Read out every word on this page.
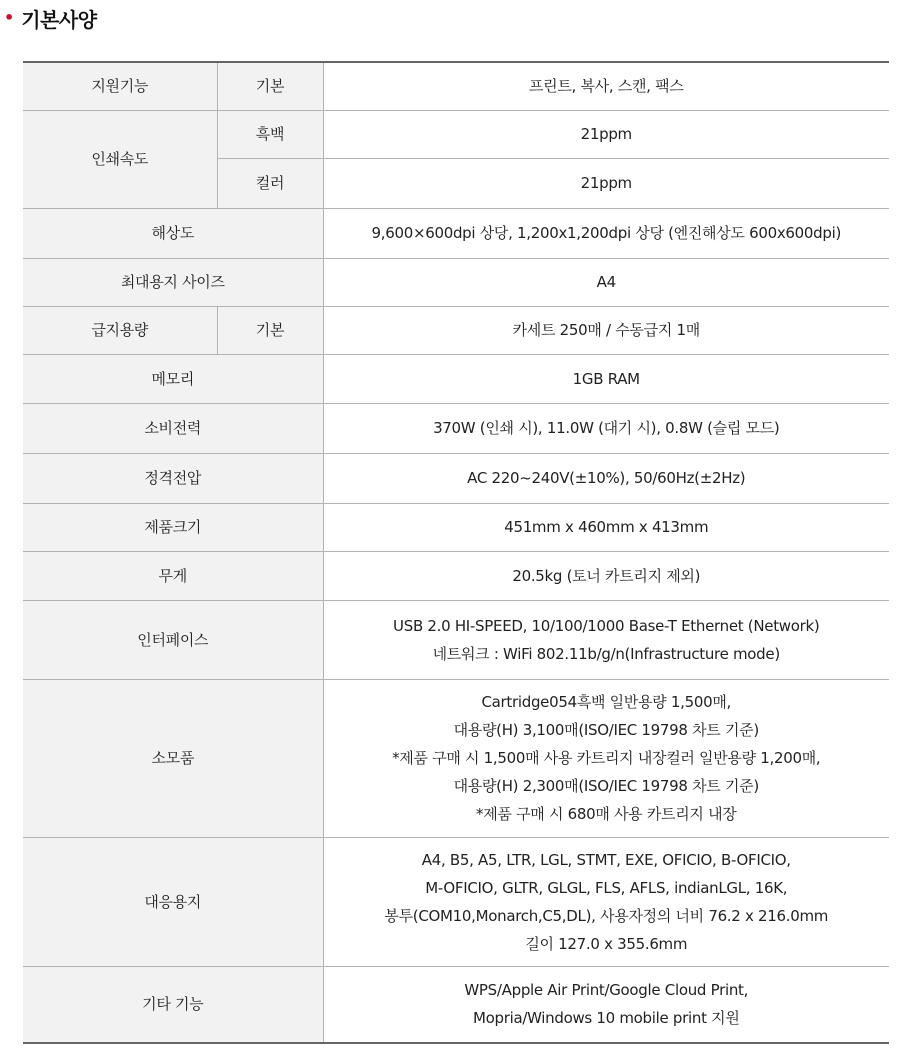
• 기본사양
지원기능	기본	프린트, 복사, 스캔, 팩스
인쇄속도	흑백	21ppm
	컬러	21ppm
해상도		9,600×600dpi 상당, 1,200x1,200dpi 상당 (엔진해상도 600x600dpi)
최대용지 사이즈		A4
급지용량	기본	카세트 250매 / 수동급지 1매
메모리		1GB RAM
소비전력		370W (인쇄 시), 11.0W (대기 시), 0.8W (슬립 모드)
정격전압		AC 220~240V(±10%), 50/60Hz(±2Hz)
제품크기		451mm x 460mm x 413mm
무게		20.5kg (토너 카트리지 제외)
인터페이스		USB 2.0 HI-SPEED, 10/100/1000 Base-T Ethernet (Network)
네트워크 : WiFi 802.11b/g/n(Infrastructure mode)

소모품		Cartridge054흑백 일반용량 1,500매,
대용량(H) 3,100매(ISO/IEC 19798 차트 기준)
*제품 구매 시 1,500매 사용 카트리지 내장컬러 일반용량 1,200매,
대용량(H) 2,300매(ISO/IEC 19798 차트 기준)
*제품 구매 시 680매 사용 카트리지 내장

대응용지		A4, B5, A5, LTR, LGL, STMT, EXE, OFICIO, B-OFICIO,
M-OFICIO, GLTR, GLGL, FLS, AFLS, indianLGL, 16K,
봉투(COM10,Monarch,C5,DL), 사용자정의 너비 76.2 x 216.0mm
길이 127.0 x 355.6mm

기타 기능		WPS/Apple Air Print/Google Cloud Print,
Mopria/Windows 10 mobile print 지원
